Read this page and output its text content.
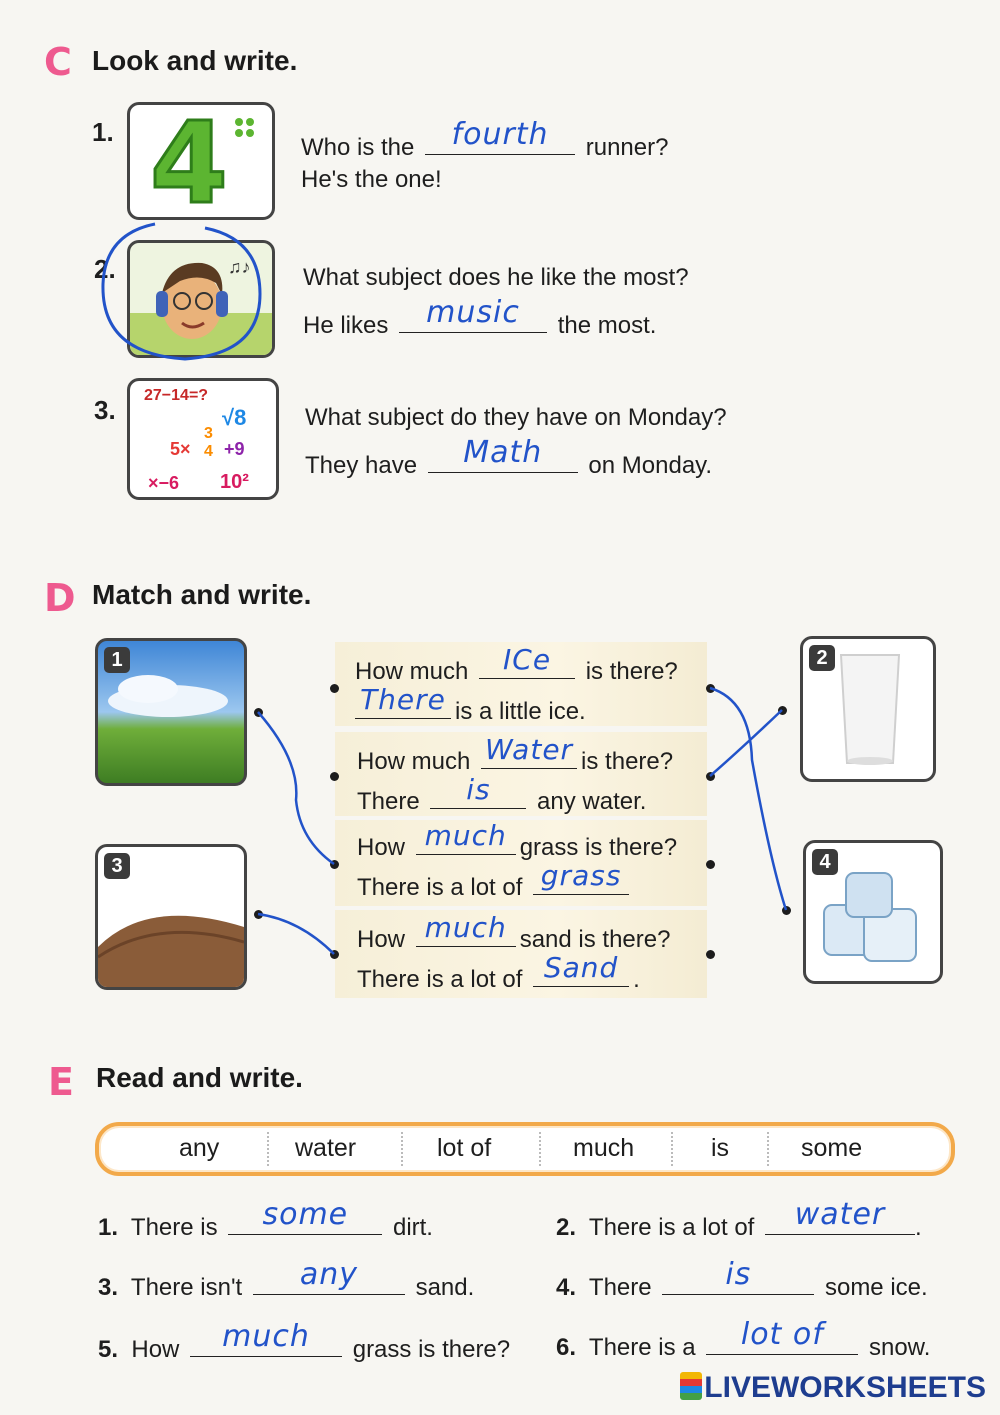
C Look and write.
1. 4	Who is the	fourth	runner?
He's the one!
2.	♫♪ What subject does he like the most?
He likes	music	the most.
3. 27−14=?
√8
5×
3
4 +9
×−6 10²
What subject do they have on Monday?
They have	Math	on Monday.
D Match and write.
1	2
3	4
How much	ICe	is there?
There is a little ice.
How much Water is there?
There	is	any water.
How much grass is there?
There is a lot of grass
How much sand is there?
There is a lot of Sand .
E Read and write.
any	water	lot of	much	is	some
1. There is	some	dirt.
3. There isn't	any	sand.
5. How	much	grass is there?
2. There is a lot of	water	.
4. There	is	some ice.
6. There is a	lot of	snow.
LIVEWORKSHEETS
